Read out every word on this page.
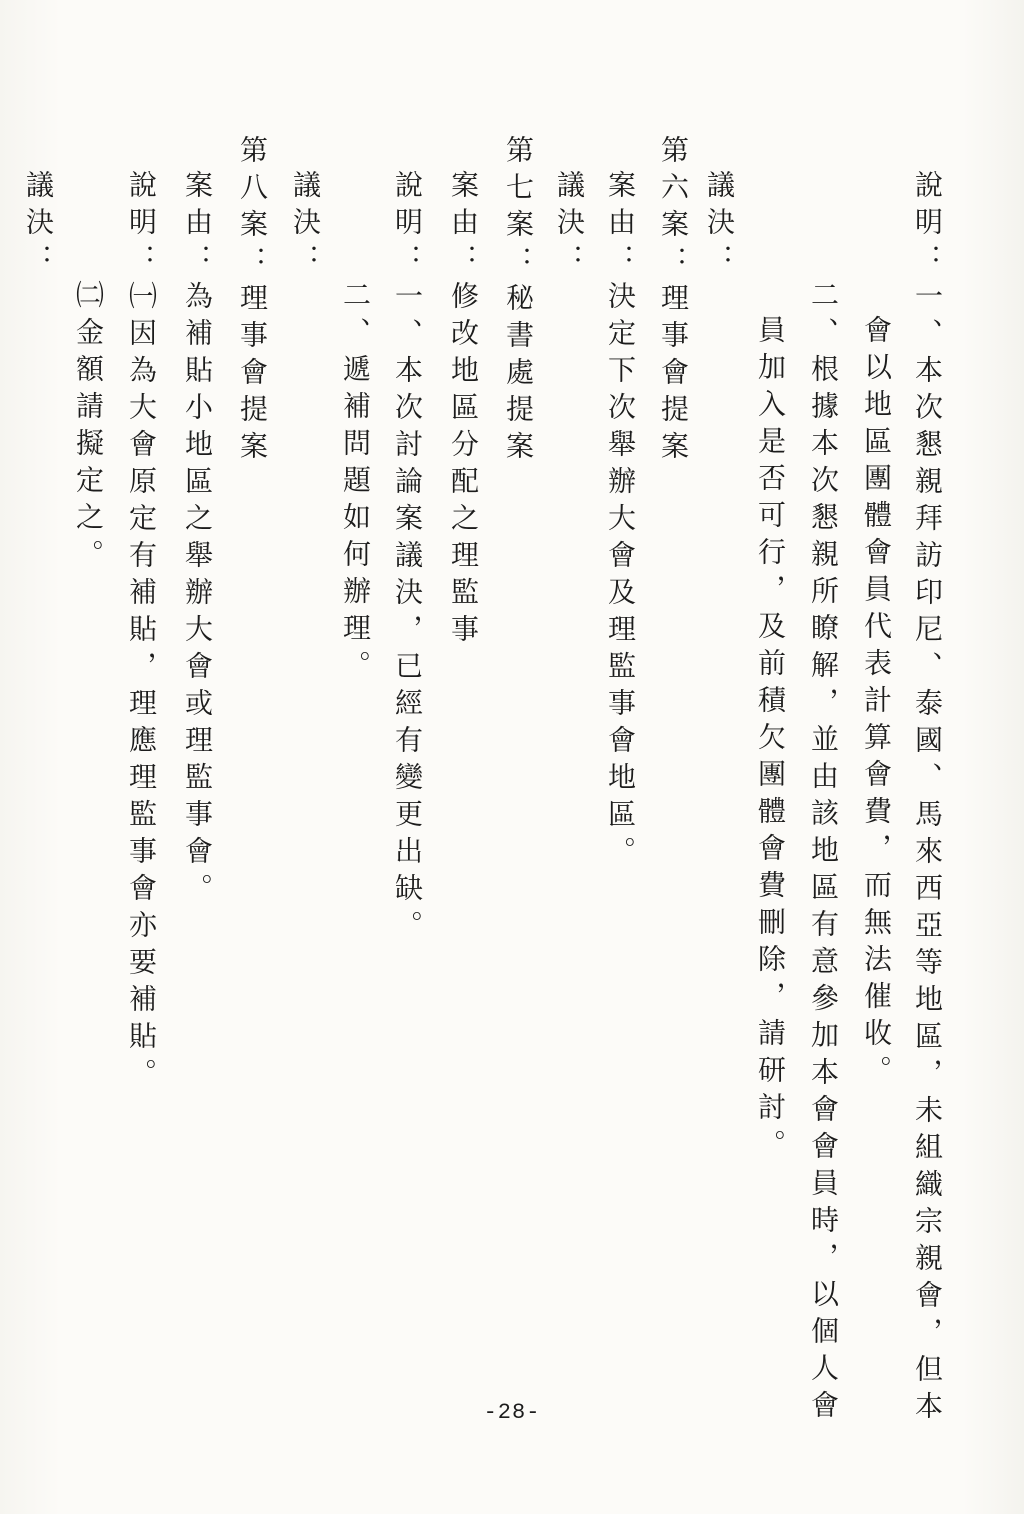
說明：一、本次懇親拜訪印尼、泰國、馬來西亞等地區，未組織宗親會，但本
會以地區團體會員代表計算會費，而無法催收。
二、根據本次懇親所瞭解，並由該地區有意參加本會會員時，以個人會
員加入是否可行，及前積欠團體會費刪除，請研討。
議決：
第六案：理事會提案
案由：決定下次舉辦大會及理監事會地區。
議決：
第七案：秘書處提案
案由：修改地區分配之理監事
說明：一、本次討論案議決，已經有變更出缺。
二、遞補問題如何辦理。
議決：
第八案：理事會提案
案由：為補貼小地區之舉辦大會或理監事會。
說明：㈠因為大會原定有補貼，理應理監事會亦要補貼。
㈡金額請擬定之。
議決：
-28-
